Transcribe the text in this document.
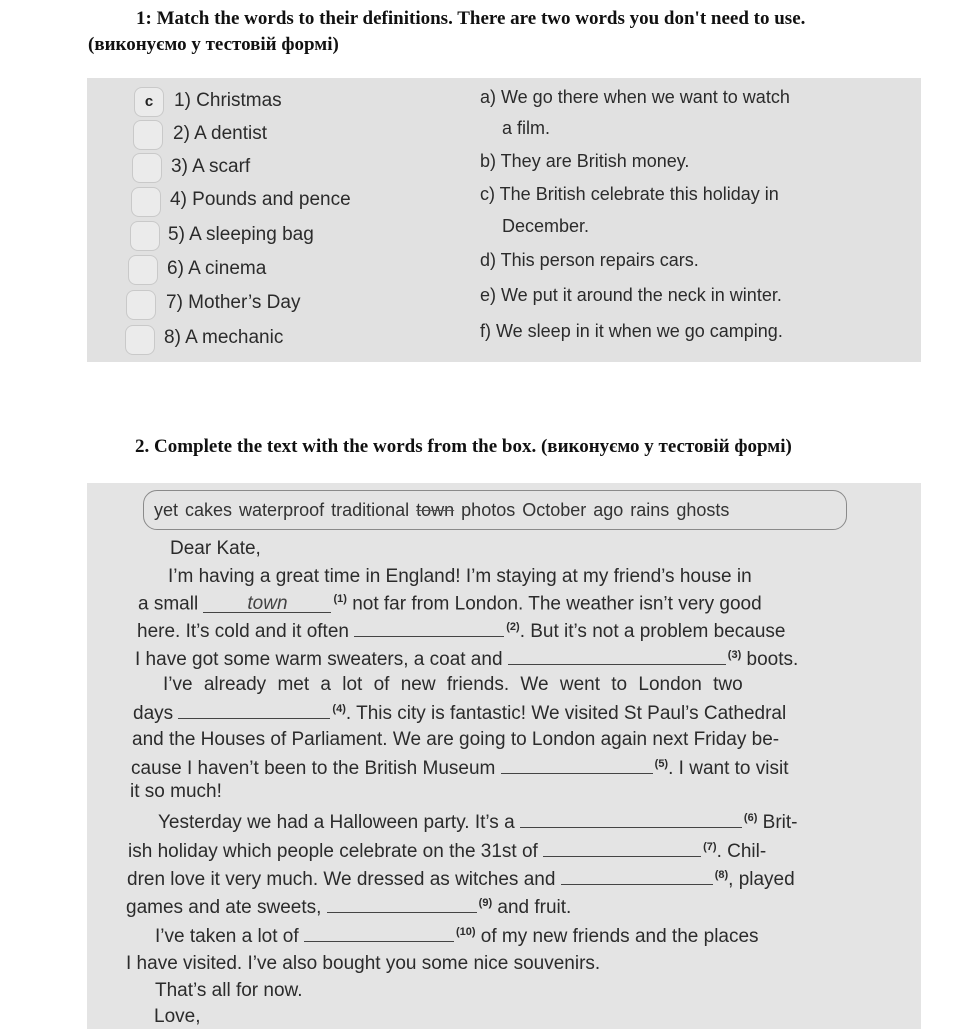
1: Match the words to their definitions. There are two words you don't need to use.
(виконуємо у тестовій формі)
c	1) Christmas
2) A dentist
3) A scarf
4) Pounds and pence
5) A sleeping bag
6) A cinema
7) Mother’s Day
8) A mechanic
a) We go there when we want to watch
a film.
b) They are British money.
c) The British celebrate this holiday in
December.
d) This person repairs cars.
e) We put it around the neck in winter.
f) We sleep in it when we go camping.
2. Complete the text with the words from the box. (виконуємо у тестовій формі)
yet cakes waterproof traditional town photos October ago rains ghosts
Dear Kate,
I’m having a great time in England! I’m staying at my friend’s house in
a small	town	$^{(1)}$ not far from London. The weather isn’t very good
here. It’s cold and it often	$^{(2)}$. But it’s not a problem because
I have got some warm sweaters, a coat and	$^{(3)}$ boots.
I’ve already met a lot of new friends. We went to London two
days	$^{(4)}$. This city is fantastic! We visited St Paul’s Cathedral
and the Houses of Parliament. We are going to London again next Friday be-
cause I haven’t been to the British Museum	$^{(5)}$. I want to visit
it so much!
Yesterday we had a Halloween party. It’s a	$^{(6)}$ Brit-
ish holiday which people celebrate on the 31st of	$^{(7)}$. Chil-
dren love it very much. We dressed as witches and	$^{(8)}$, played
games and ate sweets,	$^{(9)}$ and fruit.
I’ve taken a lot of	$^{(10)}$ of my new friends and the places
I have visited. I’ve also bought you some nice souvenirs.
That’s all for now.
Love,
